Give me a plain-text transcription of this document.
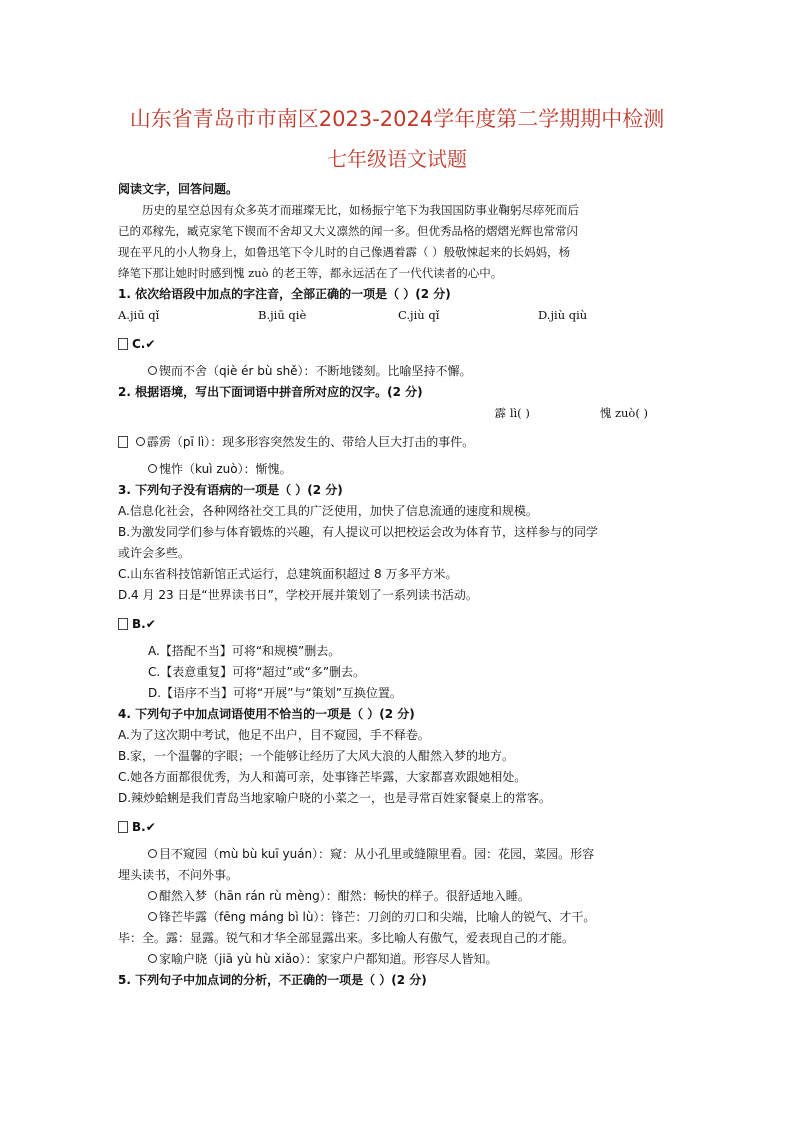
山东省青岛市市南区2023-2024学年度第二学期期中检测
七年级语文试题
阅读文字，回答问题。
历史的星空总因有众多英才而璀璨无比，如杨振宁笔下为我国国防事业鞠躬尽瘁死而后
已的邓稼先，臧克家笔下锲而不舍却又大义凛然的闻一多。但优秀品格的熠熠光辉也常常闪
现在平凡的小人物身上，如鲁迅笔下令儿时的自己像遇着霹（ ）般敬悚起来的长妈妈，杨
绛笔下那让她时时感到愧 zuò 的老王等，都永远活在了一代代读者的心中。
1. 依次给语段中加点的字注音，全部正确的一项是（ ）(2 分)
A.jiū qǐ	B.jiū qiè	C.jiù qǐ	D.jiù qiù
C.✔
锲而不舍（qiè ér bù shě）：不断地镂刻。比喻坚持不懈。
2. 根据语境，写出下面词语中拼音所对应的汉字。(2 分)
霹 lì( )	愧 zuò( )
霹雳（pī lì）：现多形容突然发生的、带给人巨大打击的事件。
愧怍（kuì zuò）：惭愧。
3. 下列句子没有语病的一项是（ ）(2 分)
A.信息化社会，各种网络社交工具的广泛使用，加快了信息流通的速度和规模。
B.为激发同学们参与体育锻炼的兴趣，有人提议可以把校运会改为体育节，这样参与的同学
或许会多些。
C.山东省科技馆新馆正式运行，总建筑面积超过 8 万多平方米。
D.4 月 23 日是“世界读书日”，学校开展并策划了一系列读书活动。
B.✔
A.【搭配不当】可将“和规模”删去。
C.【表意重复】可将“超过”或“多”删去。
D.【语序不当】可将“开展”与“策划”互换位置。
4. 下列句子中加点词语使用不恰当的一项是（ ）(2 分)
A.为了这次期中考试，他足不出户，目不窥园，手不释卷。
B.家，一个温馨的字眼；一个能够让经历了大风大浪的人酣然入梦的地方。
C.她各方面都很优秀，为人和蔼可亲，处事锋芒毕露，大家都喜欢跟她相处。
D.辣炒蛤蜊是我们青岛当地家喻户晓的小菜之一，也是寻常百姓家餐桌上的常客。
B.✔
目不窥园（mù bù kuī yuán）：窥：从小孔里或缝隙里看。园：花园，菜园。形容
埋头读书，不问外事。
酣然入梦（hān rán rù mèng）：酣然：畅快的样子。很舒适地入睡。
锋芒毕露（fēng máng bì lù）：锋芒：刀剑的刃口和尖端，比喻人的锐气、才干。
毕：全。露：显露。锐气和才华全部显露出来。多比喻人有傲气，爱表现自己的才能。
家喻户晓（jiā yù hù xiǎo）：家家户户都知道。形容尽人皆知。
5. 下列句子中加点词的分析，不正确的一项是（ ）(2 分)
